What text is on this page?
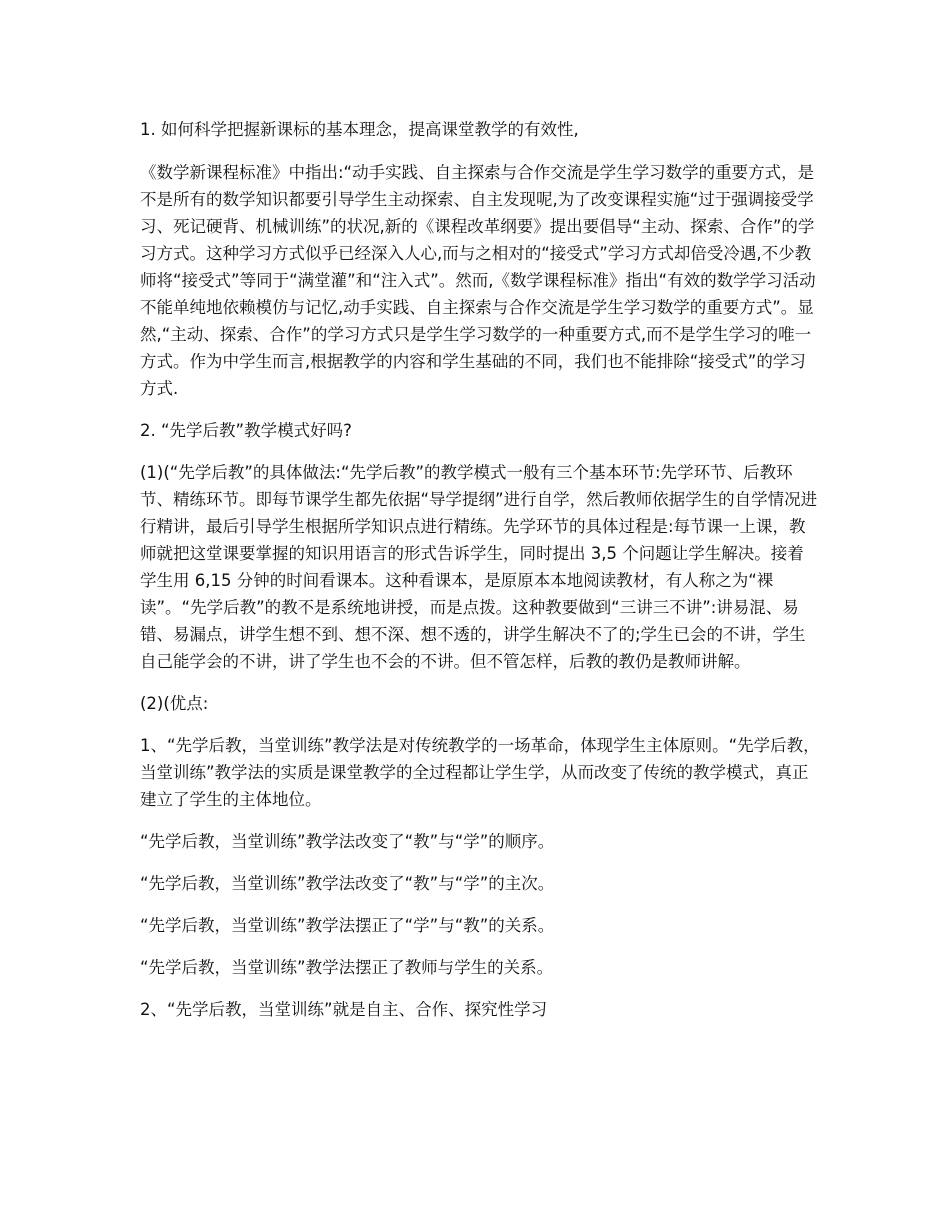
1. 如何科学把握新课标的基本理念，提高课堂教学的有效性,

《数学新课程标准》中指出:“动手实践、自主探索与合作交流是学生学习数学的重要方式，是不是所有的数学知识都要引导学生主动探索、自主发现呢,为了改变课程实施“过于强调接受学习、死记硬背、机械训练”的状况,新的《课程改革纲要》提出要倡导“主动、探索、合作”的学习方式。这种学习方式似乎已经深入人心,而与之相对的“接受式”学习方式却倍受冷遇,不少教师将“接受式”等同于“满堂灌”和“注入式”。然而,《数学课程标准》指出“有效的数学学习活动不能单纯地依赖模仿与记忆,动手实践、自主探索与合作交流是学生学习数学的重要方式”。显然,“主动、探索、合作”的学习方式只是学生学习数学的一种重要方式,而不是学生学习的唯一方式。作为中学生而言,根据教学的内容和学生基础的不同，我们也不能排除“接受式”的学习方式.

2. “先学后教”教学模式好吗?

(1)(“先学后教”的具体做法:“先学后教”的教学模式一般有三个基本环节:先学环节、后教环节、精练环节。即每节课学生都先依据“导学提纲”进行自学，然后教师依据学生的自学情况进行精讲，最后引导学生根据所学知识点进行精练。先学环节的具体过程是:每节课一上课，教师就把这堂课要掌握的知识用语言的形式告诉学生，同时提出 3,5 个问题让学生解决。接着学生用 6,15 分钟的时间看课本。这种看课本，是原原本本地阅读教材，有人称之为“裸读”。“先学后教”的教不是系统地讲授，而是点拨。这种教要做到“三讲三不讲”:讲易混、易错、易漏点，讲学生想不到、想不深、想不透的，讲学生解决不了的;学生已会的不讲，学生自己能学会的不讲，讲了学生也不会的不讲。但不管怎样，后教的教仍是教师讲解。

(2)(优点:

1、“先学后教，当堂训练”教学法是对传统教学的一场革命，体现学生主体原则。“先学后教，当堂训练”教学法的实质是课堂教学的全过程都让学生学，从而改变了传统的教学模式，真正建立了学生的主体地位。

“先学后教，当堂训练”教学法改变了“教”与“学”的顺序。

“先学后教，当堂训练”教学法改变了“教”与“学”的主次。

“先学后教，当堂训练”教学法摆正了“学”与“教”的关系。

“先学后教，当堂训练”教学法摆正了教师与学生的关系。

2、“先学后教，当堂训练”就是自主、合作、探究性学习
